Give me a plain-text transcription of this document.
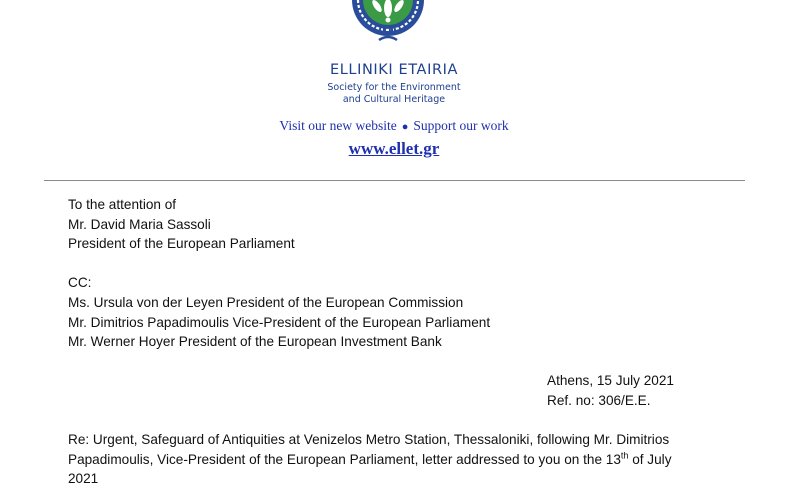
ELLINIKI ETAIRIA
Society for the Environment
and Cultural Heritage
Visit our new website ● Support our work
www.ellet.gr
To the attention of
Mr. David Maria Sassoli
President of the European Parliament
CC:
Ms. Ursula von der Leyen President of the European Commission
Mr. Dimitrios Papadimoulis Vice-President of the European Parliament
Mr. Werner Hoyer President of the European Investment Bank
Athens, 15 July 2021
Ref. no: 306/E.E.
Re: Urgent, Safeguard of Antiquities at Venizelos Metro Station, Thessaloniki, following Mr. Dimitrios
Papadimoulis, Vice-President of the European Parliament, letter addressed to you on the 13th of July
2021
